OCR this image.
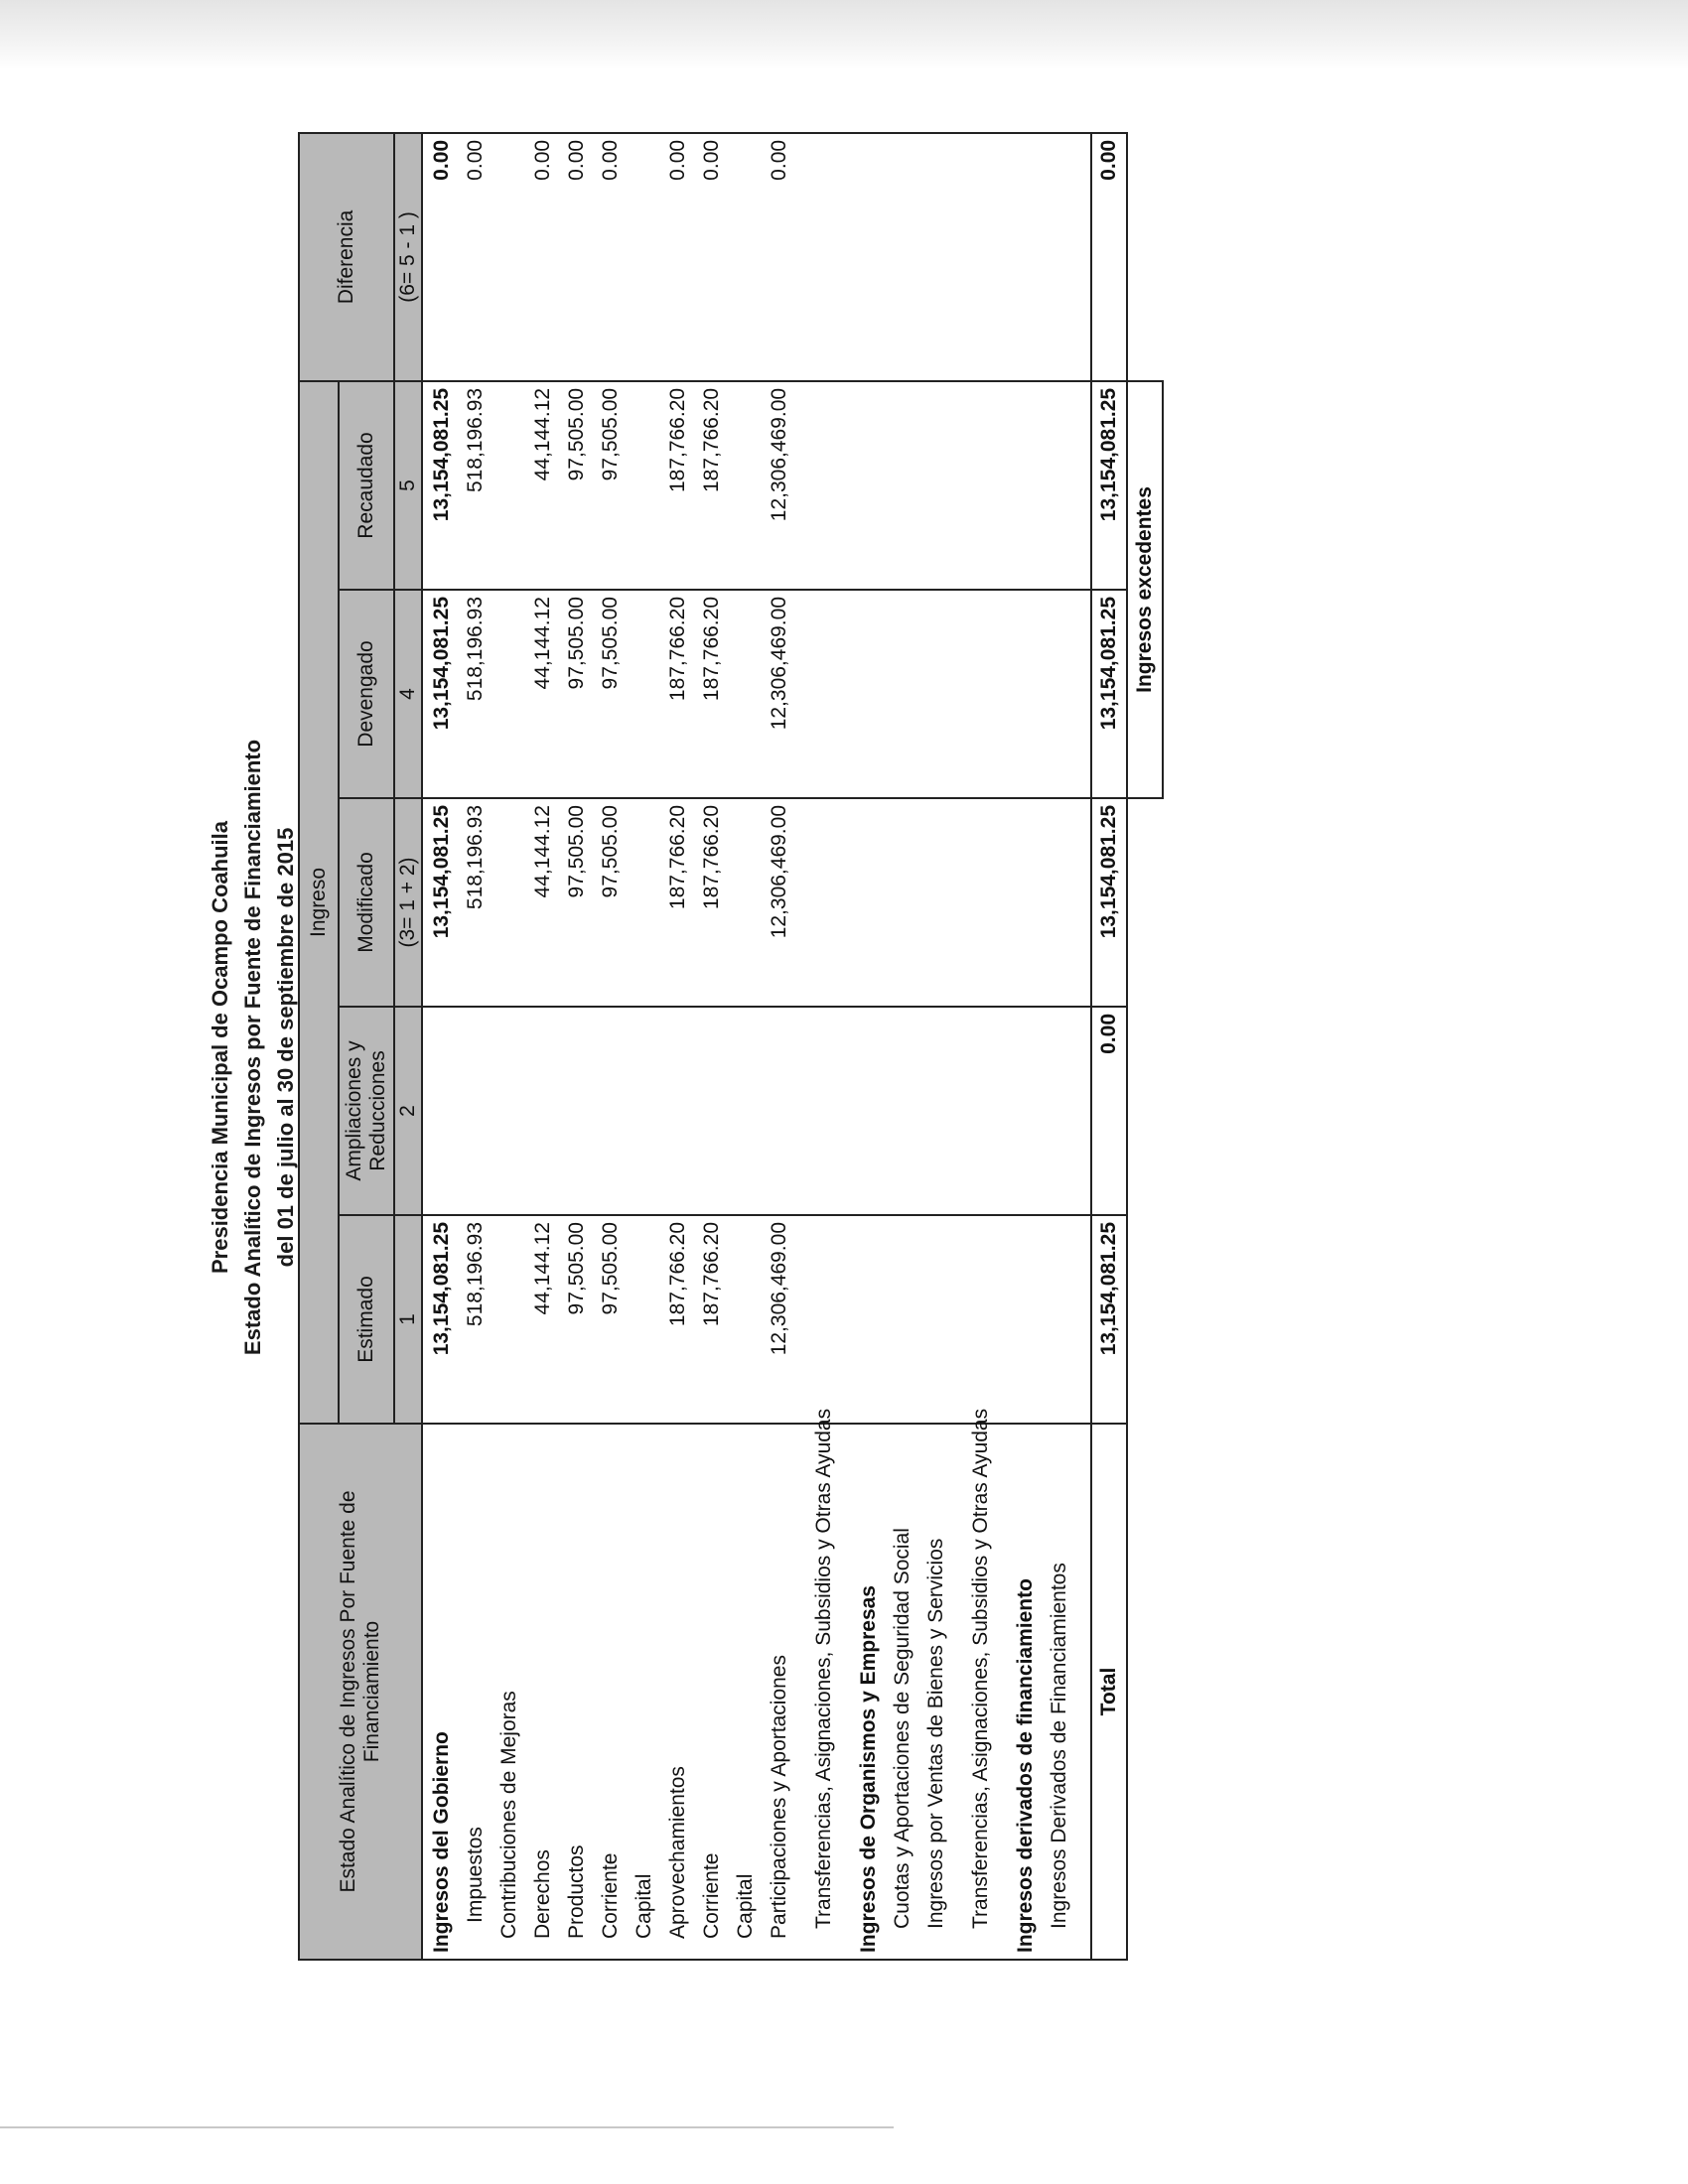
Presidencia Municipal de Ocampo Coahuila Estado Analítico de Ingresos por Fuente de Financiamiento del 01 de julio al 30 de septiembre de 2015
Estado Analítico de Ingresos Por Fuente de Financiamiento	Ingreso					Diferencia
	Estimado	Ampliaciones y Reducciones	Modificado	Devengado	Recaudado	
	1	2	(3= 1 + 2)	4	5	(6= 5 - 1 )
Ingresos del Gobierno	13,154,081.25		13,154,081.25	13,154,081.25	13,154,081.25	0.00
Impuestos	518,196.93		518,196.93	518,196.93	518,196.93	0.00
Contribuciones de Mejoras						
Derechos	44,144.12		44,144.12	44,144.12	44,144.12	0.00
Productos	97,505.00		97,505.00	97,505.00	97,505.00	0.00
Corriente	97,505.00		97,505.00	97,505.00	97,505.00	0.00
Capital						
Aprovechamientos	187,766.20		187,766.20	187,766.20	187,766.20	0.00
Corriente	187,766.20		187,766.20	187,766.20	187,766.20	0.00
Capital						
Participaciones y Aportaciones	12,306,469.00		12,306,469.00	12,306,469.00	12,306,469.00	0.00
Transferencias, Asignaciones, Subsidios y Otras Ayudas						
Ingresos de Organismos y Empresas						
Cuotas y Aportaciones de Seguridad Social						
Ingresos por Ventas de Bienes y Servicios						
Transferencias, Asignaciones, Subsidios y Otras Ayudas						
Ingresos derivados de financiamiento						
Ingresos Derivados de Financiamientos						

Total	13,154,081.25	0.00	13,154,081.25	13,154,081.25	13,154,081.25	0.00
				Ingresos excedentes		
